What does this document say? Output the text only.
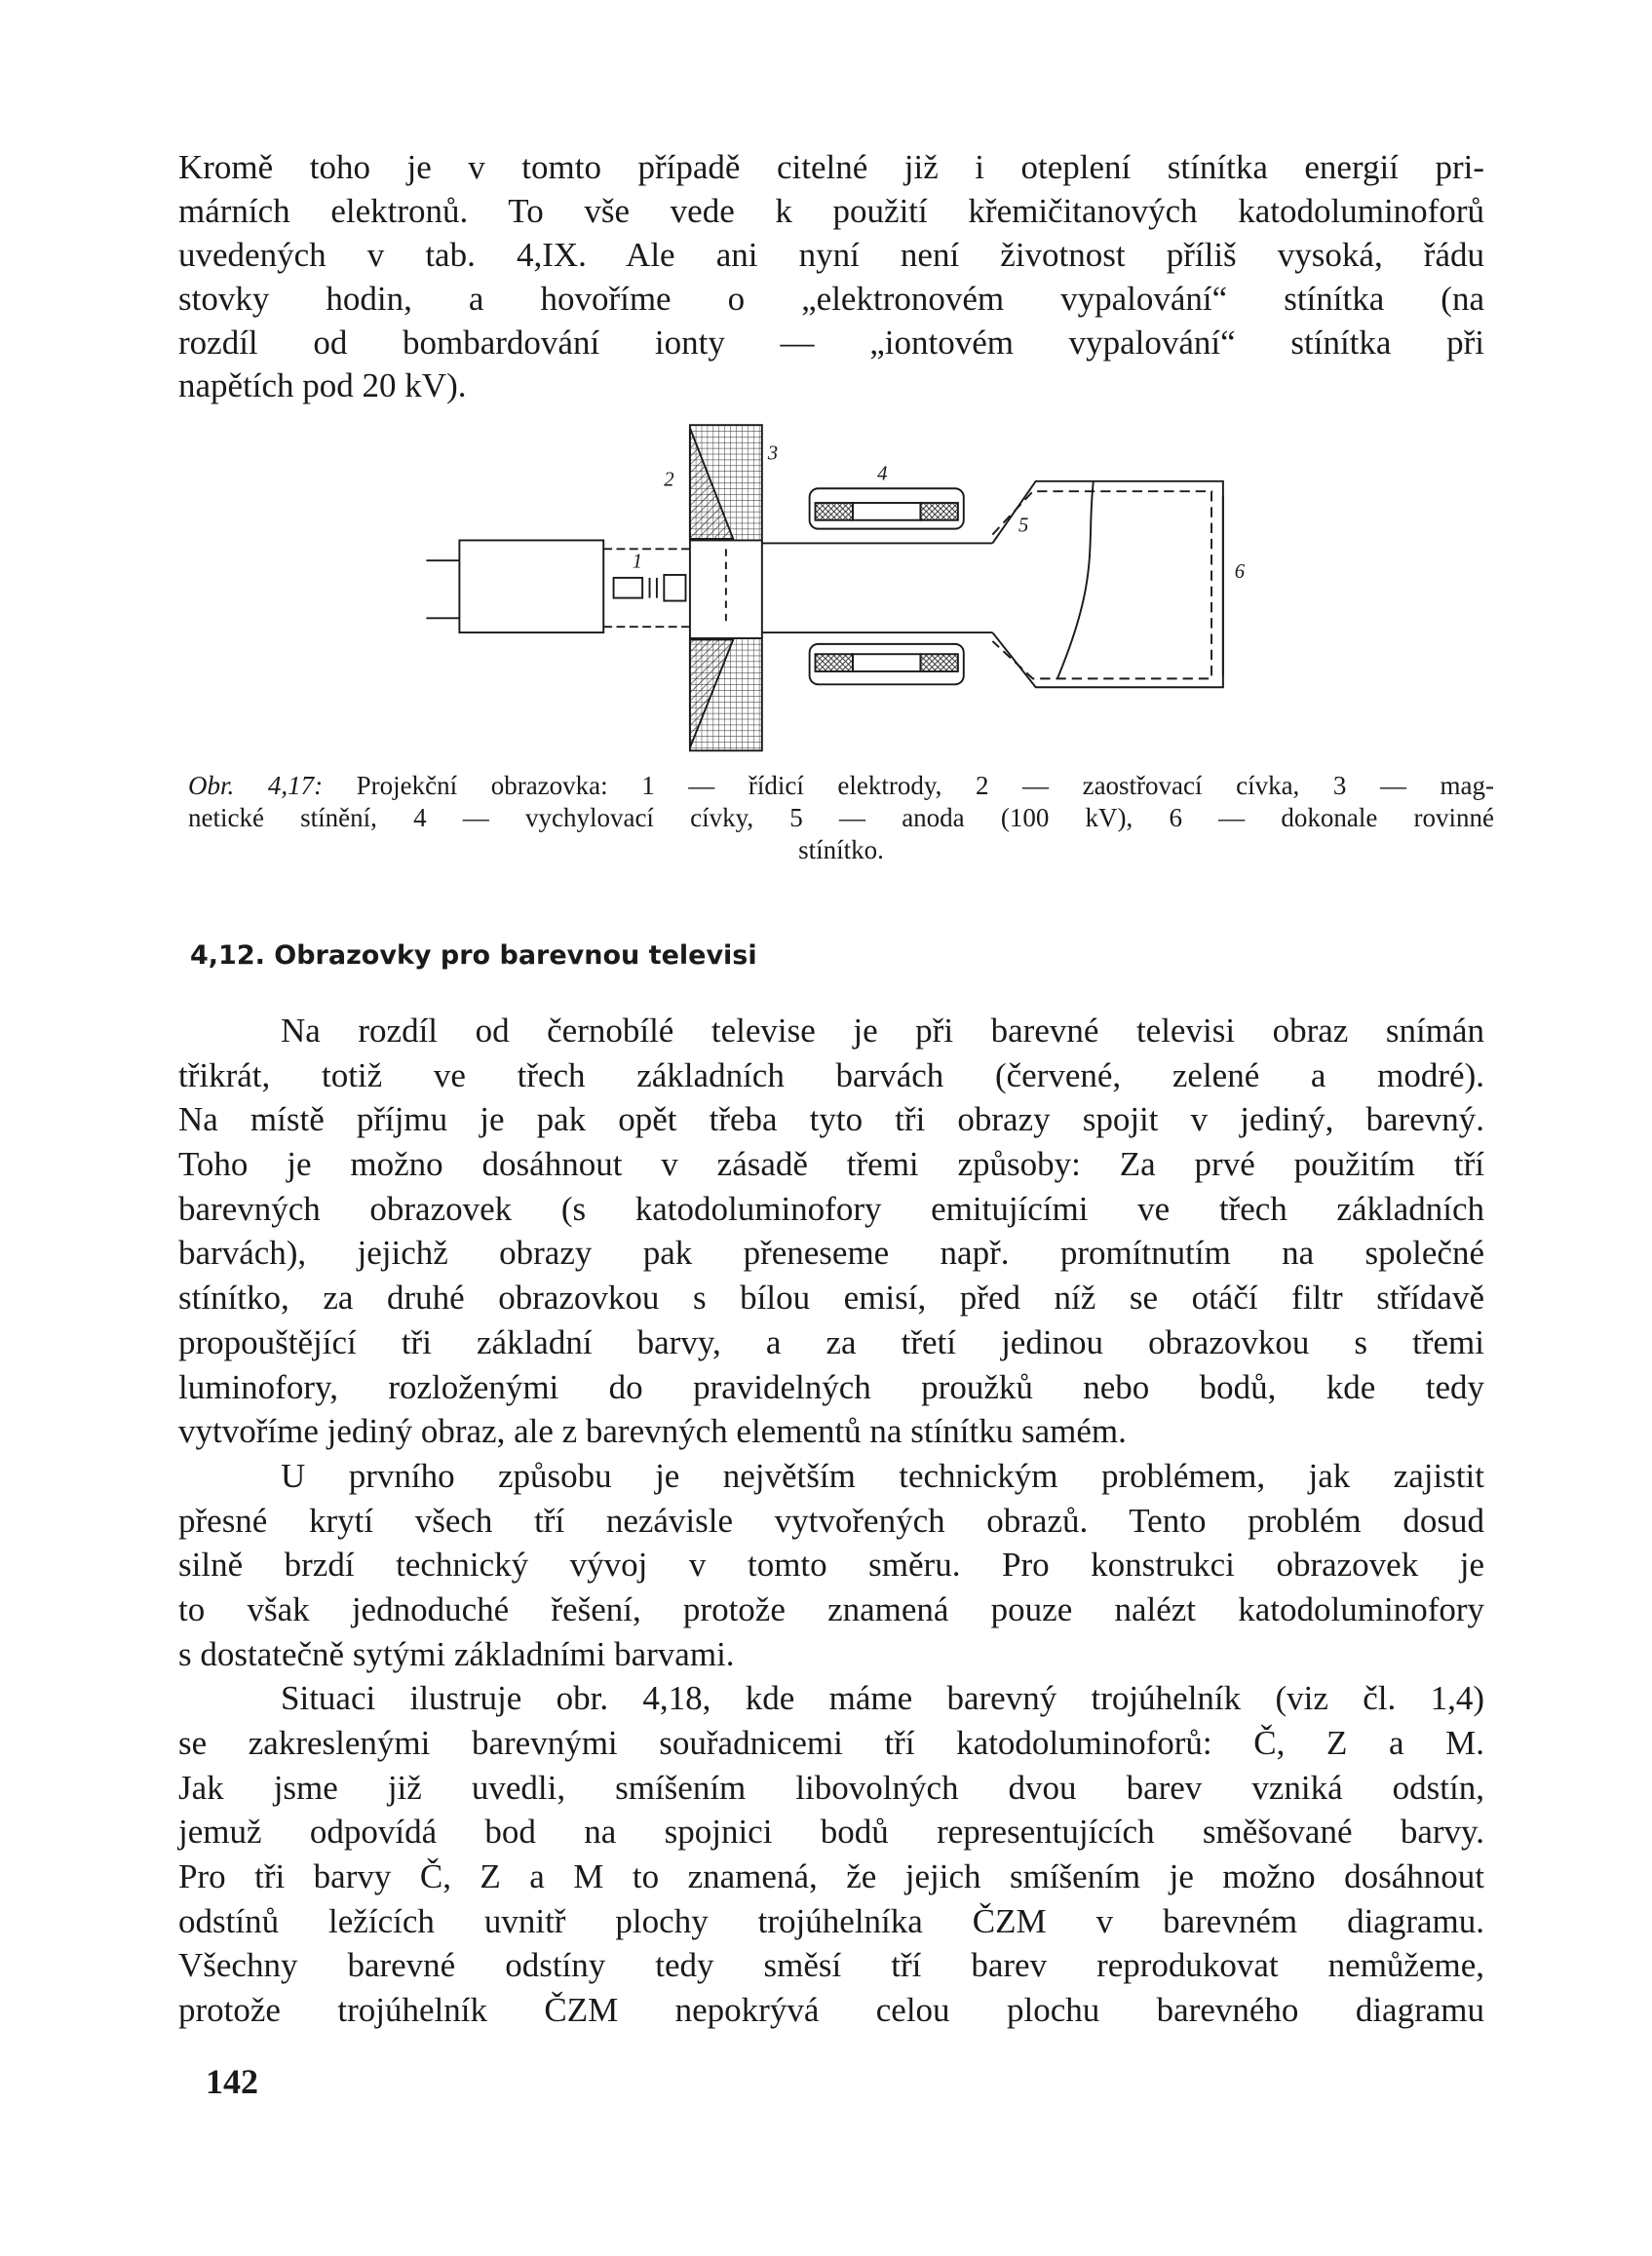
Kromě toho je v tomto případě citelné již i oteplení stínítka energií pri-
márních elektronů. To vše vede k použití křemičitanových katodoluminoforů
uvedených v tab. 4,IX. Ale ani nyní není životnost příliš vysoká, řádu
stovky hodin, a hovoříme o „elektronovém vypalování“ stínítka (na
rozdíl od bombardování ionty — „iontovém vypalování“ stínítka při
napětích pod 20 kV).
1
2
3
4
5
6
Obr. 4,17: Projekční obrazovka: 1 — řídicí elektrody, 2 — zaostřovací cívka, 3 — mag-
netické stínění, 4 — vychylovací cívky, 5 — anoda (100 kV), 6 — dokonale rovinné
stínítko.
4,12. Obrazovky pro barevnou televisi
Na rozdíl od černobílé televise je při barevné televisi obraz snímán
třikrát, totiž ve třech základních barvách (červené, zelené a modré).
Na místě příjmu je pak opět třeba tyto tři obrazy spojit v jediný, barevný.
Toho je možno dosáhnout v zásadě třemi způsoby: Za prvé použitím tří
barevných obrazovek (s katodoluminofory emitujícími ve třech základních
barvách), jejichž obrazy pak přeneseme např. promítnutím na společné
stínítko, za druhé obrazovkou s bílou emisí, před níž se otáčí filtr střídavě
propouštějící tři základní barvy, a za třetí jedinou obrazovkou s třemi
luminofory, rozloženými do pravidelných proužků nebo bodů, kde tedy
vytvoříme jediný obraz, ale z barevných elementů na stínítku samém.
U prvního způsobu je největším technickým problémem, jak zajistit
přesné krytí všech tří nezávisle vytvořených obrazů. Tento problém dosud
silně brzdí technický vývoj v tomto směru. Pro konstrukci obrazovek je
to však jednoduché řešení, protože znamená pouze nalézt katodoluminofory
s dostatečně sytými základními barvami.
Situaci ilustruje obr. 4,18, kde máme barevný trojúhelník (viz čl. 1,4)
se zakreslenými barevnými souřadnicemi tří katodoluminoforů: Č, Z a M.
Jak jsme již uvedli, smíšením libovolných dvou barev vzniká odstín,
jemuž odpovídá bod na spojnici bodů representujících směšované barvy.
Pro tři barvy Č, Z a M to znamená, že jejich smíšením je možno dosáhnout
odstínů ležících uvnitř plochy trojúhelníka ČZM v barevném diagramu.
Všechny barevné odstíny tedy směsí tří barev reprodukovat nemůžeme,
protože trojúhelník ČZM nepokrývá celou plochu barevného diagramu
142
